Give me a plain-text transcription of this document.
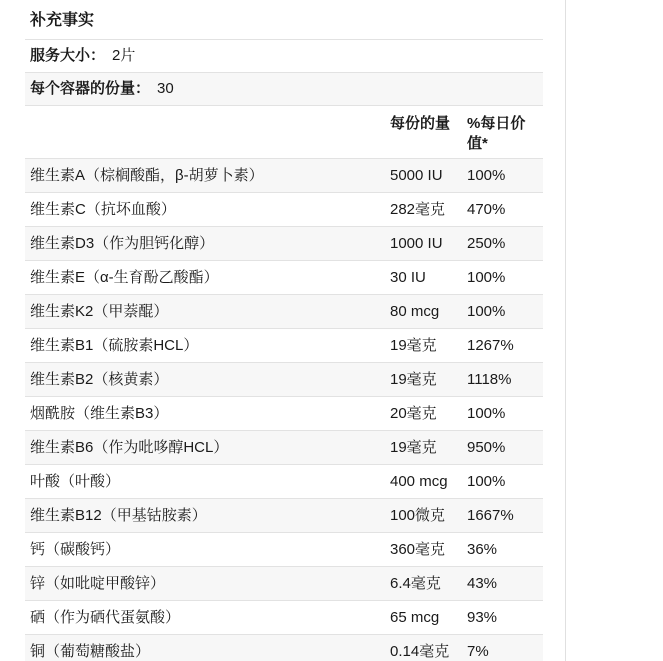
补充事实		
服务大小： 2片		
每个容器的份量： 30		
	每份的量	%每日价值*
维生素A（棕榈酸酯，β-胡萝卜素）	5000 IU	100%
维生素C（抗坏血酸）	282毫克	470%
维生素D3（作为胆钙化醇）	1000 IU	250%
维生素E（α-生育酚乙酸酯）	30 IU	100%
维生素K2（甲萘醌）	80 mcg	100%
维生素B1（硫胺素HCL）	19毫克	1267%
维生素B2（核黄素）	19毫克	1118%
烟酰胺（维生素B3）	20毫克	100%
维生素B6（作为吡哆醇HCL）	19毫克	950%
叶酸（叶酸）	400 mcg	100%
维生素B12（甲基钴胺素）	100微克	1667%
钙（碳酸钙）	360毫克	36%
锌（如吡啶甲酸锌）	6.4毫克	43%
硒（作为硒代蛋氨酸）	65 mcg	93%
铜（葡萄糖酸盐）	0.14毫克	7%
